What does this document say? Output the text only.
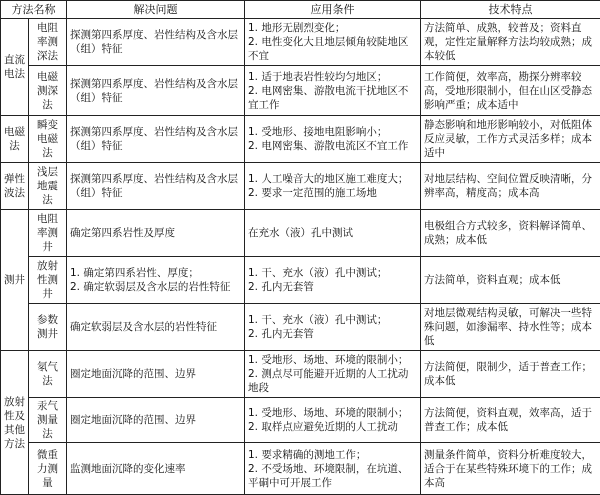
方法名称		解决问题	应用条件	技术特点
直流电法	电阻率测深法	探测第四系厚度、岩性结构及含水层（组）特征	1. 地形无剧烈变化；
2. 电性变化大且地层倾角较陡地区不宜	方法简单、成熟，较普及；资料直观，定性定量解释方法均较成熟；成本较低
	电磁测深法	探测第四系厚度、岩性结构及含水层（组）特征	1. 适于地表岩性较均匀地区；
2. 电网密集、游散电流干扰地区不宜工作	工作简便，效率高，勘探分辨率较高，受地形限制小，但在山区受静态影响严重；成本适中
电磁法	瞬变电磁法	探测第四系厚度、岩性结构及含水层（组）特征	1. 受地形、接地电阻影响小；
2. 电网密集、游散电流区不宜工作	静态影响和地形影响较小，对低阻体反应灵敏，工作方式灵活多样；成本适中
弹性波法	浅层地震法	探测第四系厚度、岩性结构及含水层（组）特征	1. 人工噪音大的地区施工难度大；
2. 要求一定范围的施工场地	对地层结构、空间位置反映清晰，分辨率高，精度高；成本高
测井	电阻率测井	确定第四系岩性及厚度	在充水（液）孔中测试	电极组合方式较多，资料解译简单、成熟；成本低
	放射性测井	1. 确定第四系岩性、厚度；
2. 确定软弱层及含水层的岩性特征	1. 干、充水（液）孔中测试；
2. 孔内无套管	方法简单，资料直观；成本低
	参数测井	确定软弱层及含水层的岩性特征	1. 干、充水（液）孔中测试；
2. 孔内无套管	对地层微观结构灵敏，可解决一些特殊问题，如渗漏率、持水性等；成本低
放射性及其他方法	氡气法	圈定地面沉降的范围、边界	1. 受地形、场地、环境的限制小；
2. 测点尽可能避开近期的人工扰动地段	方法简便，限制少，适于普查工作；成本低
	汞气测量法	圈定地面沉降的范围、边界	1. 受地形、场地、环境的限制小；
2. 取样点应避免近期的人工扰动	方法简便，资料直观，效率高，适于普查工作；成本低
	微重力测量	监测地面沉降的变化速率	1. 要求精确的测地工作；
2. 不受场地、环境限制，在坑道、平硐中可开展工作	测量条件简单，资料分析难度较大，适合于在某些特殊环境下的工作；成本高
